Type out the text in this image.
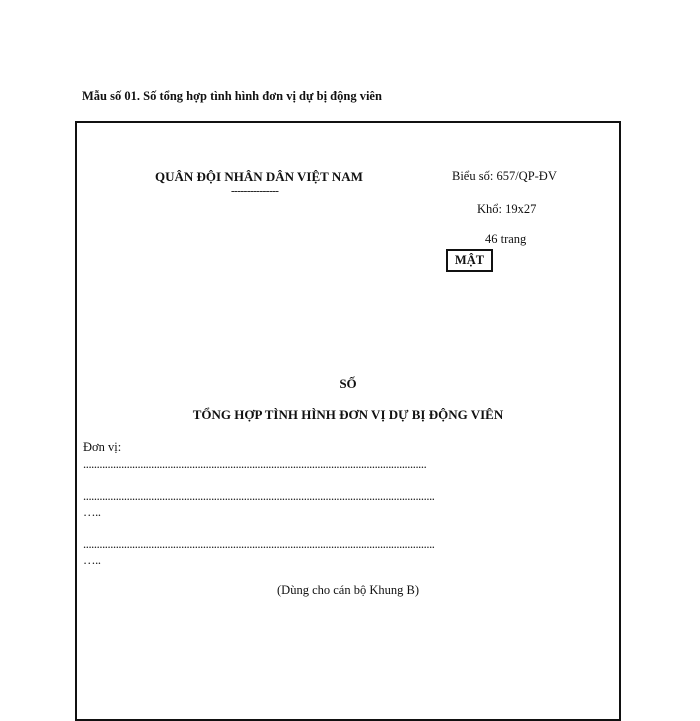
Mẫu số 01. Số tổng hợp tình hình đơn vị dự bị động viên
QUÂN ĐỘI NHÂN DÂN VIỆT NAM
---------------
Biểu số: 657/QP-ĐV
Khổ: 19x27
46 trang
MẬT
SỐ
TỔNG HỢP TÌNH HÌNH ĐƠN VỊ DỰ BỊ ĐỘNG VIÊN
Đơn vị:
..............................................................................................................................
.................................................................................................................................
…..
.................................................................................................................................
…..
(Dùng cho cán bộ Khung B)
